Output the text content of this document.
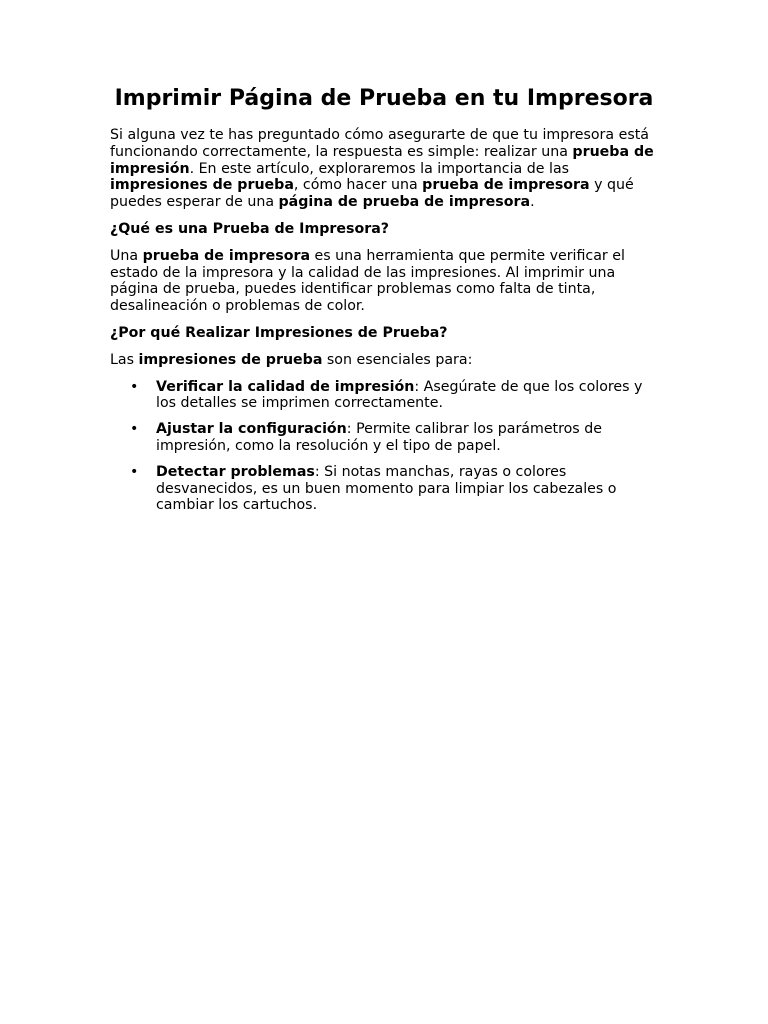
Imprimir Página de Prueba en tu Impresora

Si alguna vez te has preguntado cómo asegurarte de que tu impresora está funcionando correctamente, la respuesta es simple: realizar una prueba de impresión. En este artículo, exploraremos la importancia de las impresiones de prueba, cómo hacer una prueba de impresora y qué puedes esperar de una página de prueba de impresora.

¿Qué es una Prueba de Impresora?

Una prueba de impresora es una herramienta que permite verificar el estado de la impresora y la calidad de las impresiones. Al imprimir una página de prueba, puedes identificar problemas como falta de tinta, desalineación o problemas de color.

¿Por qué Realizar Impresiones de Prueba?

Las impresiones de prueba son esenciales para:

• Verificar la calidad de impresión: Asegúrate de que los colores y los detalles se imprimen correctamente.
• Ajustar la configuración: Permite calibrar los parámetros de impresión, como la resolución y el tipo de papel.
• Detectar problemas: Si notas manchas, rayas o colores desvanecidos, es un buen momento para limpiar los cabezales o cambiar los cartuchos.
